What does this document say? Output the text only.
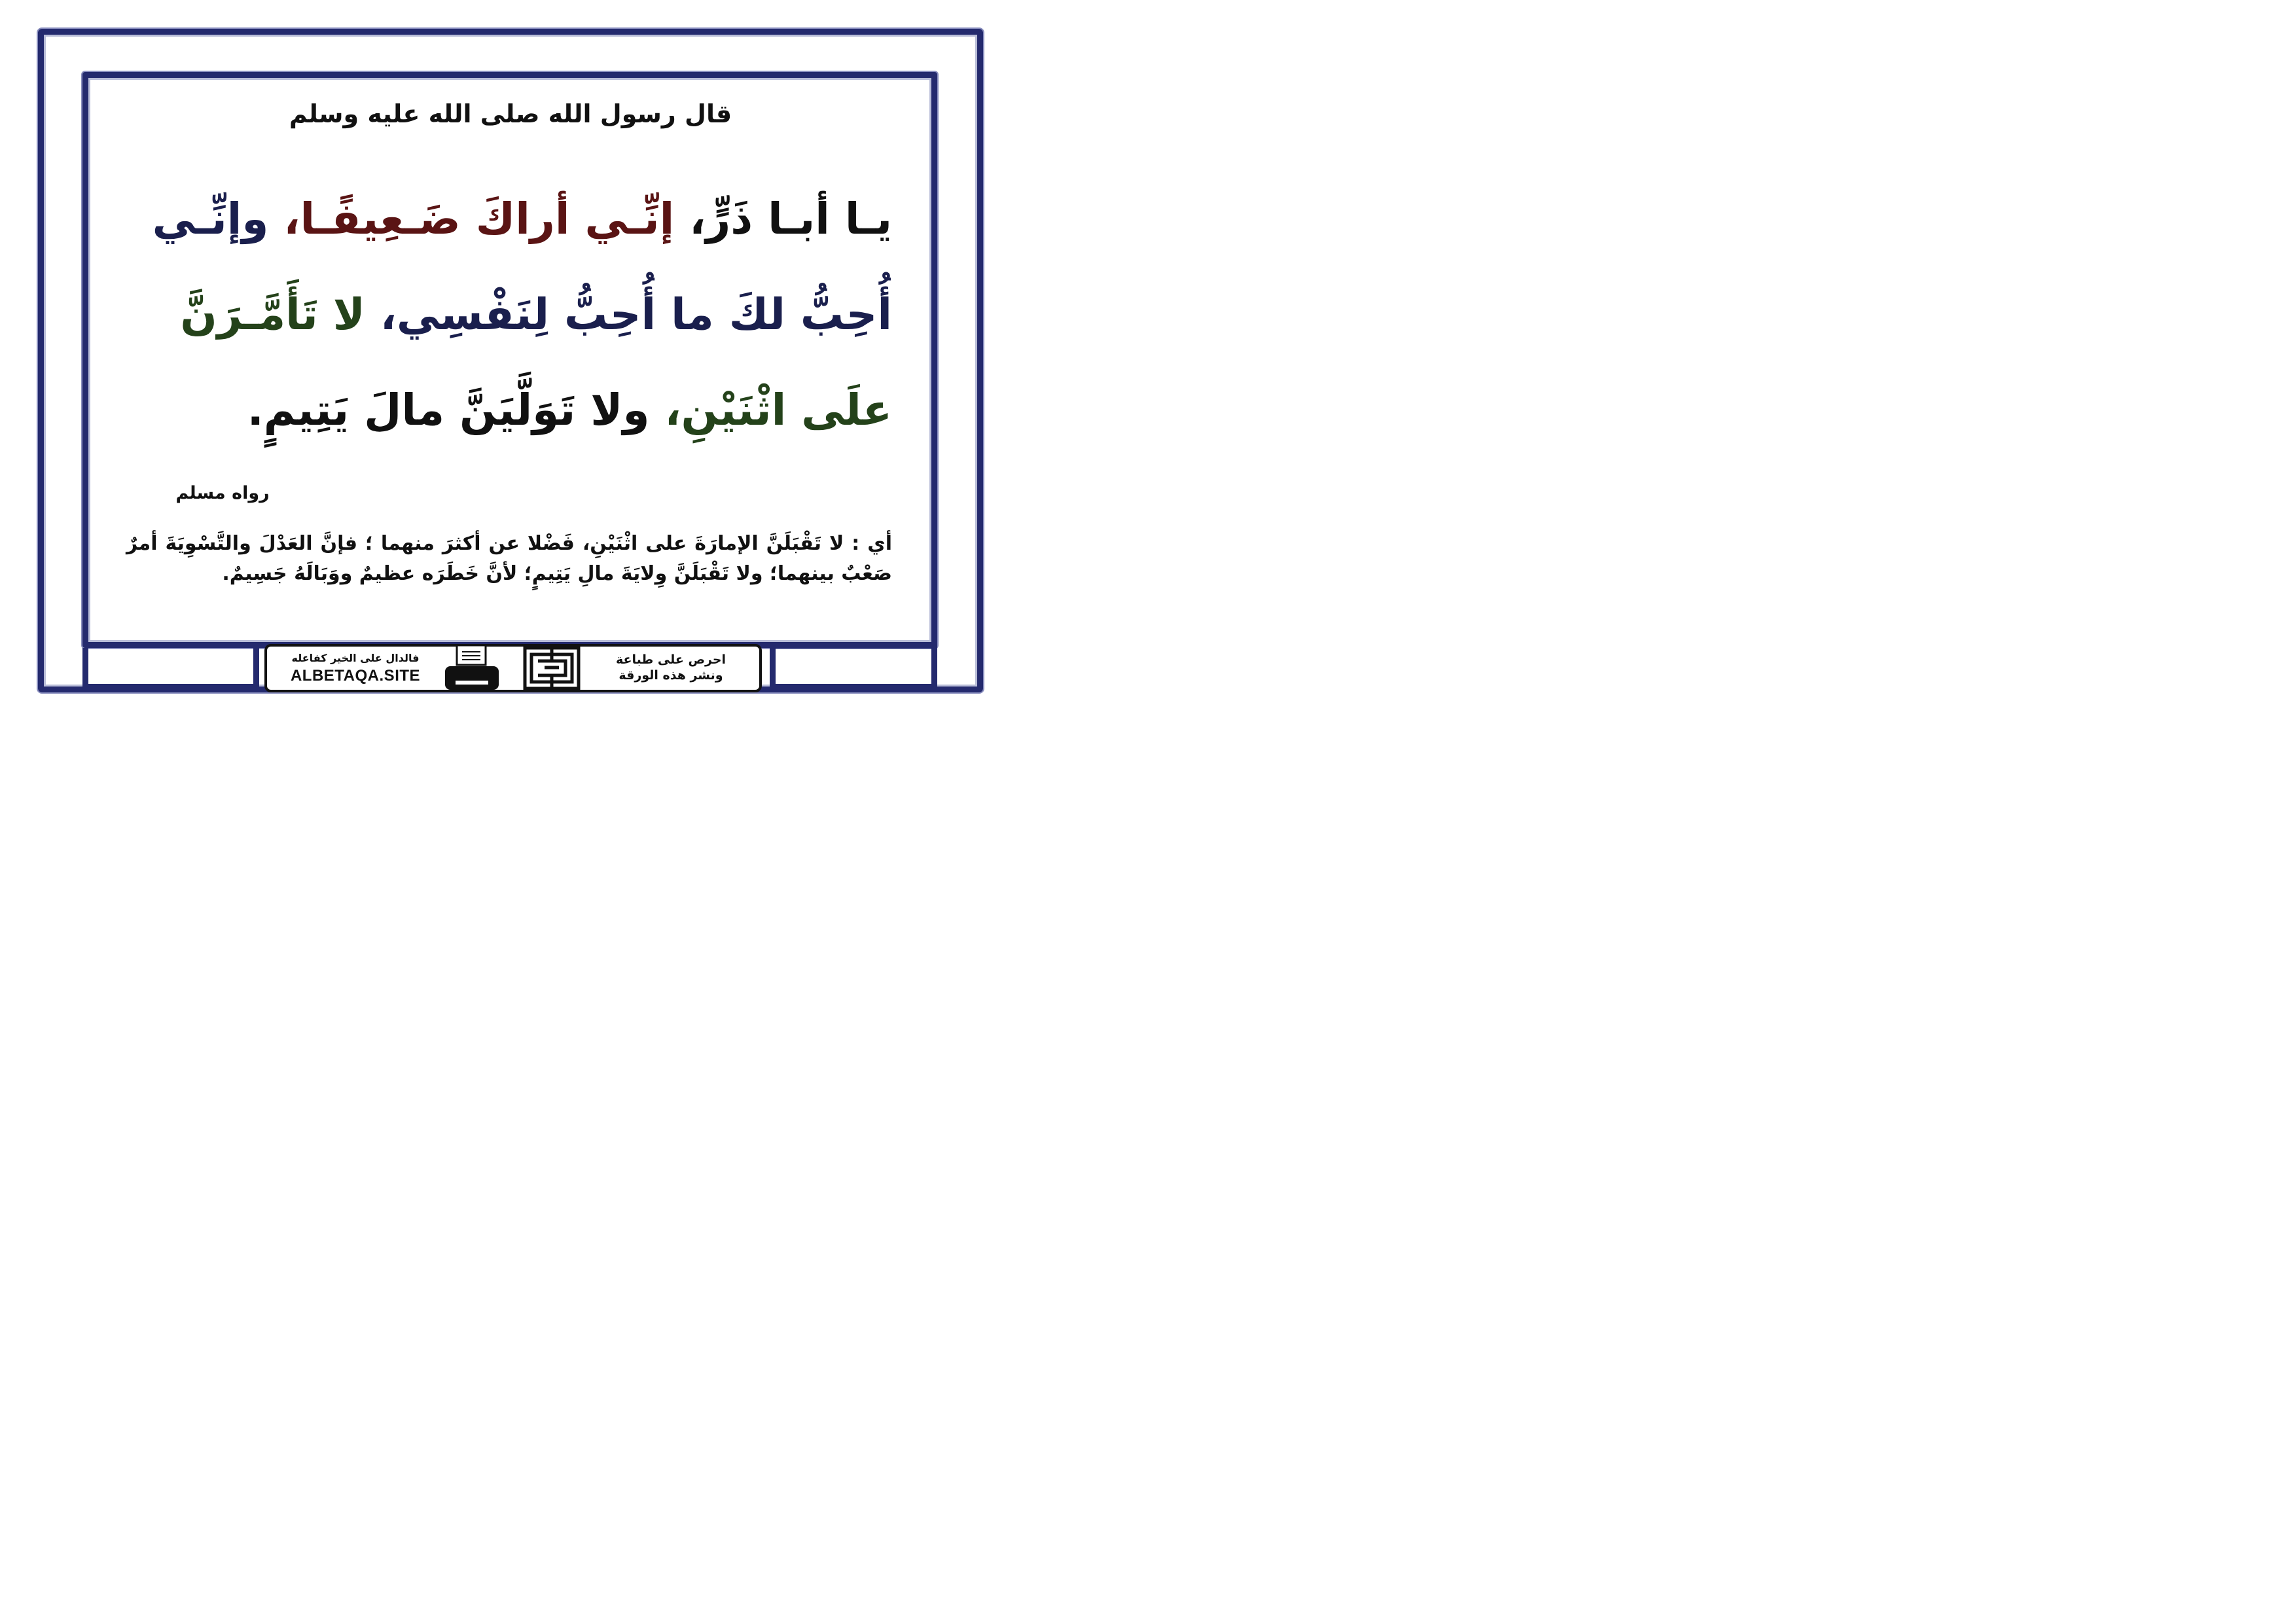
قال رسول الله صلى الله عليه وسلم
يـا أبـا ذَرٍّ، إنِّـي أراكَ ضَـعِيفًـا، وإنِّـي أُحِبُّ لكَ ما أُحِبُّ لِنَفْسِي، لا تَأَمَّـرَنَّ علَى اثْنَيْنِ، ولا تَوَلَّيَنَّ مالَ يَتِيمٍ.
رواه مسلم
أي : لا تَقْبَلَنَّ الإمارَةَ على اثْنَيْنِ، فَضْلا عن أكثرَ منهما ؛ فإنَّ العَدْلَ والتَّسْوِيَةَ أمرٌ صَعْبٌ بينهما؛ ولا تَقْبَلَنَّ وِلايَةَ مالِ يَتِيمٍ؛ لأنَّ خَطَرَه عظيمٌ ووَبَالَهُ جَسِيمٌ.
فالدال على الخير كفاعله
ALBETAQA.SITE
احرص على طباعة
ونشر هذه الورقة
